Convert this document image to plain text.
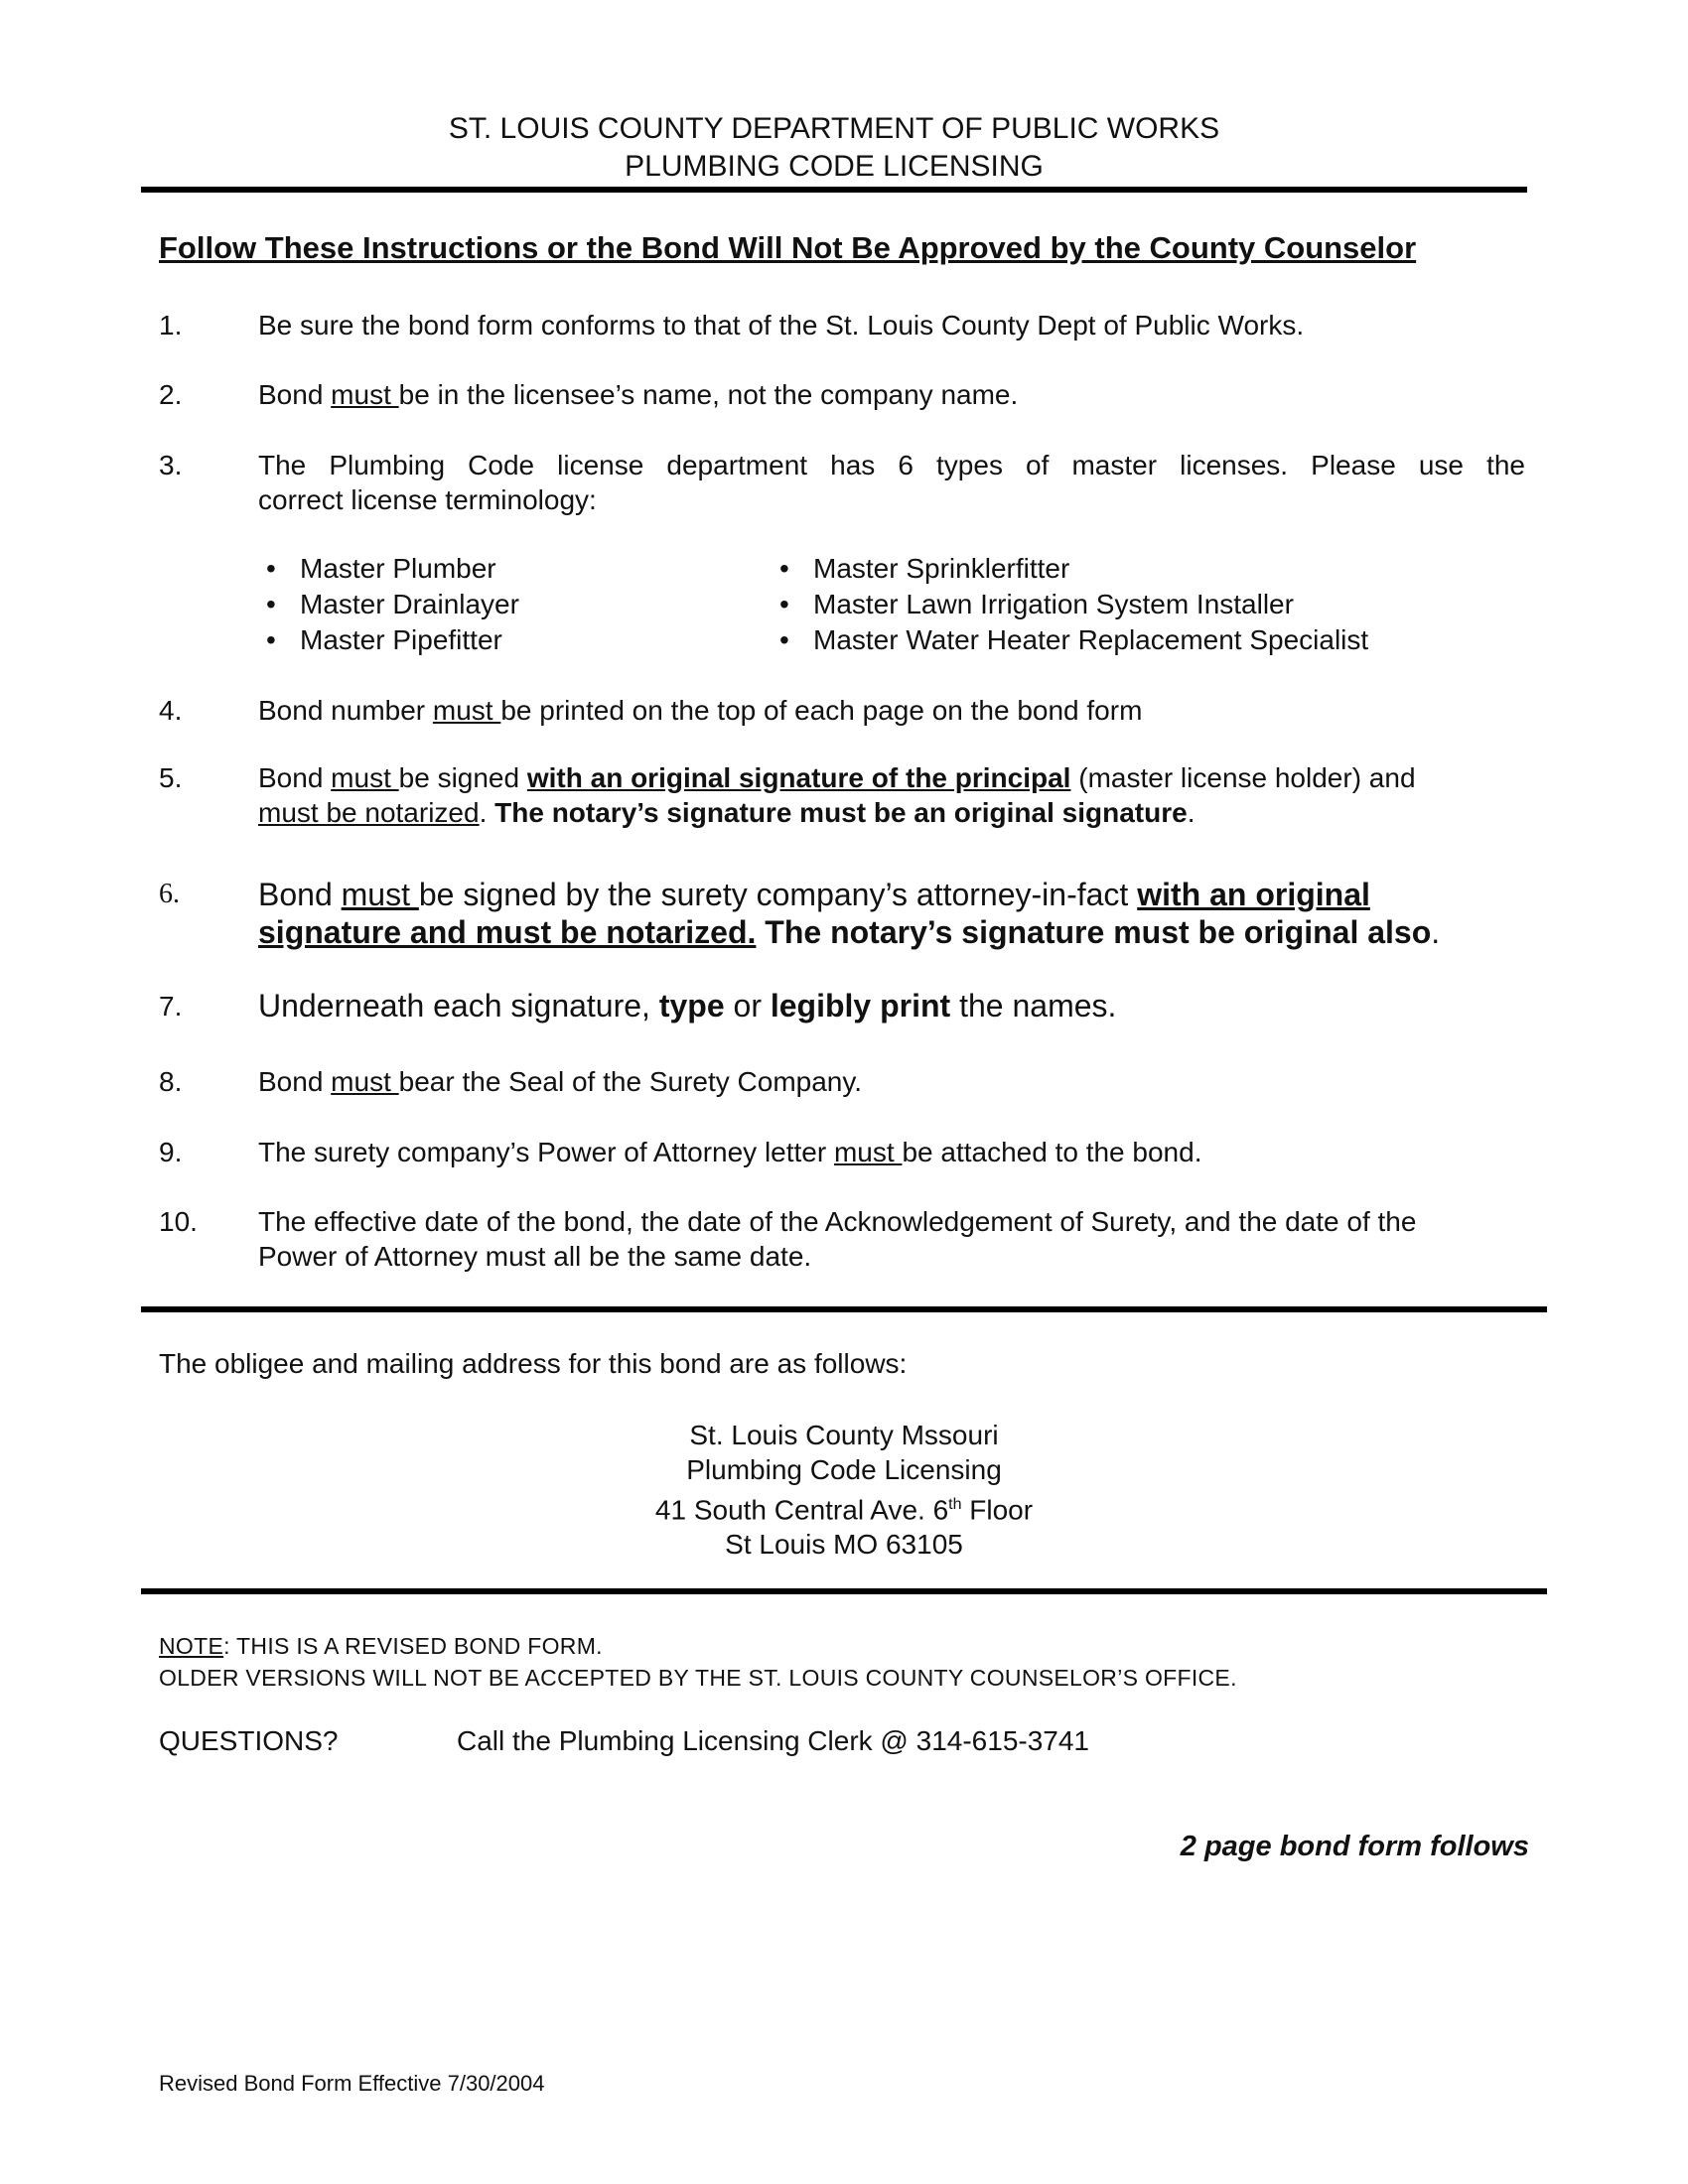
ST. LOUIS COUNTY DEPARTMENT OF PUBLIC WORKS
PLUMBING CODE LICENSING
Follow These Instructions or the Bond Will Not Be Approved by the County Counselor
1.	Be sure the bond form conforms to that of the St. Louis County Dept of Public Works.
2.	Bond must be in the licensee’s name, not the company name.
3.	The Plumbing Code license department has 6 types of master licenses. Please use the
correct license terminology:
• Master Plumber
• Master Drainlayer
• Master Pipefitter
• Master Sprinklerfitter
• Master Lawn Irrigation System Installer
• Master Water Heater Replacement Specialist
4.	Bond number must be printed on the top of each page on the bond form
5.	Bond must be signed with an original signature of the principal (master license holder) and
must be notarized. The notary’s signature must be an original signature.
6. Bond must be signed by the surety company’s attorney-in-fact with an original
signature and must be notarized. The notary’s signature must be original also.
7. Underneath each signature, type or legibly print the names.
8.	Bond must bear the Seal of the Surety Company.
9.	The surety company’s Power of Attorney letter must be attached to the bond.
10. The effective date of the bond, the date of the Acknowledgement of Surety, and the date of the
Power of Attorney must all be the same date.
The obligee and mailing address for this bond are as follows:
St. Louis County Mssouri
Plumbing Code Licensing
41 South Central Ave. 6th Floor
St Louis MO 63105
NOTE: THIS IS A REVISED BOND FORM.
OLDER VERSIONS WILL NOT BE ACCEPTED BY THE ST. LOUIS COUNTY COUNSELOR’S OFFICE.
QUESTIONS?	Call the Plumbing Licensing Clerk @ 314-615-3741
2 page bond form follows
Revised Bond Form Effective 7/30/2004
